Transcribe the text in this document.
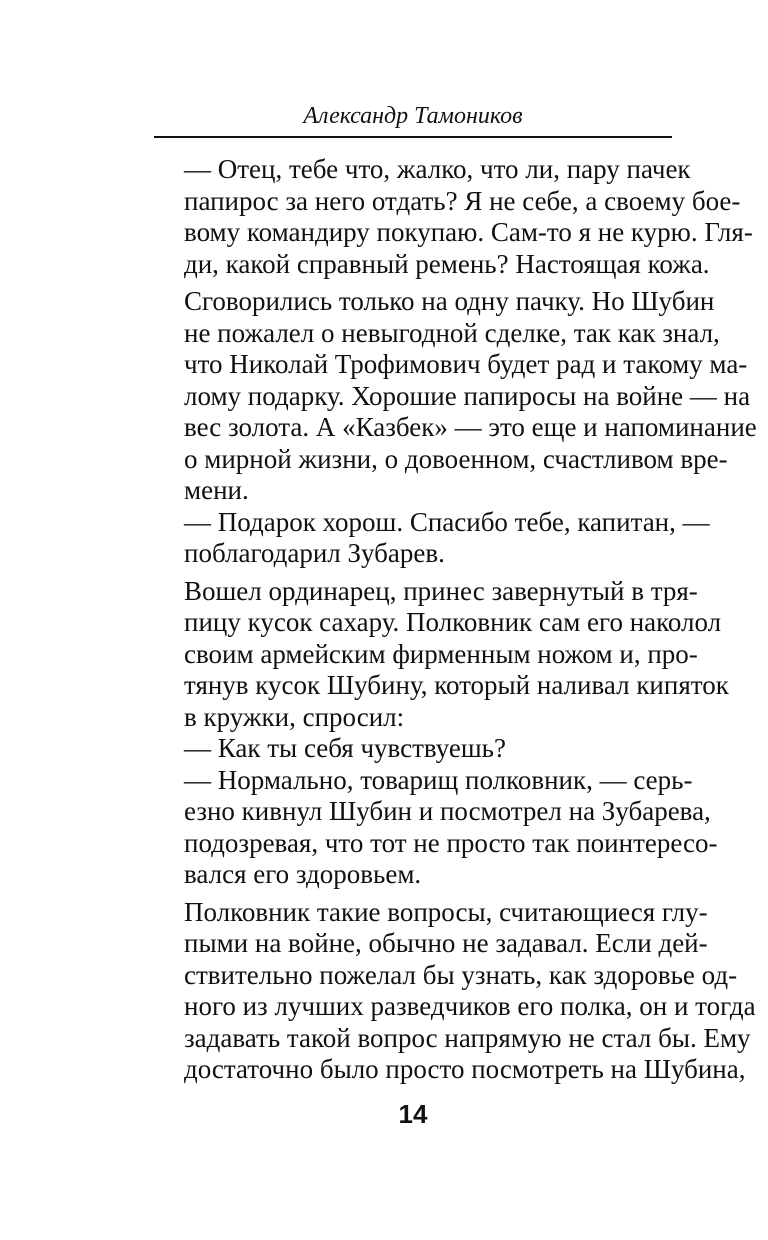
Александр Тамоников

— Отец, тебе что, жалко, что ли, пару пачек
папирос за него отдать? Я не себе, а своему бое-
вому командиру покупаю. Сам-то я не курю. Гля-
ди, какой справный ремень? Настоящая кожа.

Сговорились только на одну пачку. Но Шубин
не пожалел о невыгодной сделке, так как знал,
что Николай Трофимович будет рад и такому ма-
лому подарку. Хорошие папиросы на войне — на
вес золота. А «Казбек» — это еще и напоминание
о мирной жизни, о довоенном, счастливом вре-
мени.

— Подарок хорош. Спасибо тебе, капитан, —
поблагодарил Зубарев.

Вошел ординарец, принес завернутый в тря-
пицу кусок сахару. Полковник сам его наколол
своим армейским фирменным ножом и, про-
тянув кусок Шубину, который наливал кипяток
в кружки, спросил:

— Как ты себя чувствуешь?

— Нормально, товарищ полковник, — серь-
езно кивнул Шубин и посмотрел на Зубарева,
подозревая, что тот не просто так поинтересо-
вался его здоровьем.

Полковник такие вопросы, считающиеся глу-
пыми на войне, обычно не задавал. Если дей-
ствительно пожелал бы узнать, как здоровье од-
ного из лучших разведчиков его полка, он и тогда
задавать такой вопрос напрямую не стал бы. Ему
достаточно было просто посмотреть на Шубина,

14
